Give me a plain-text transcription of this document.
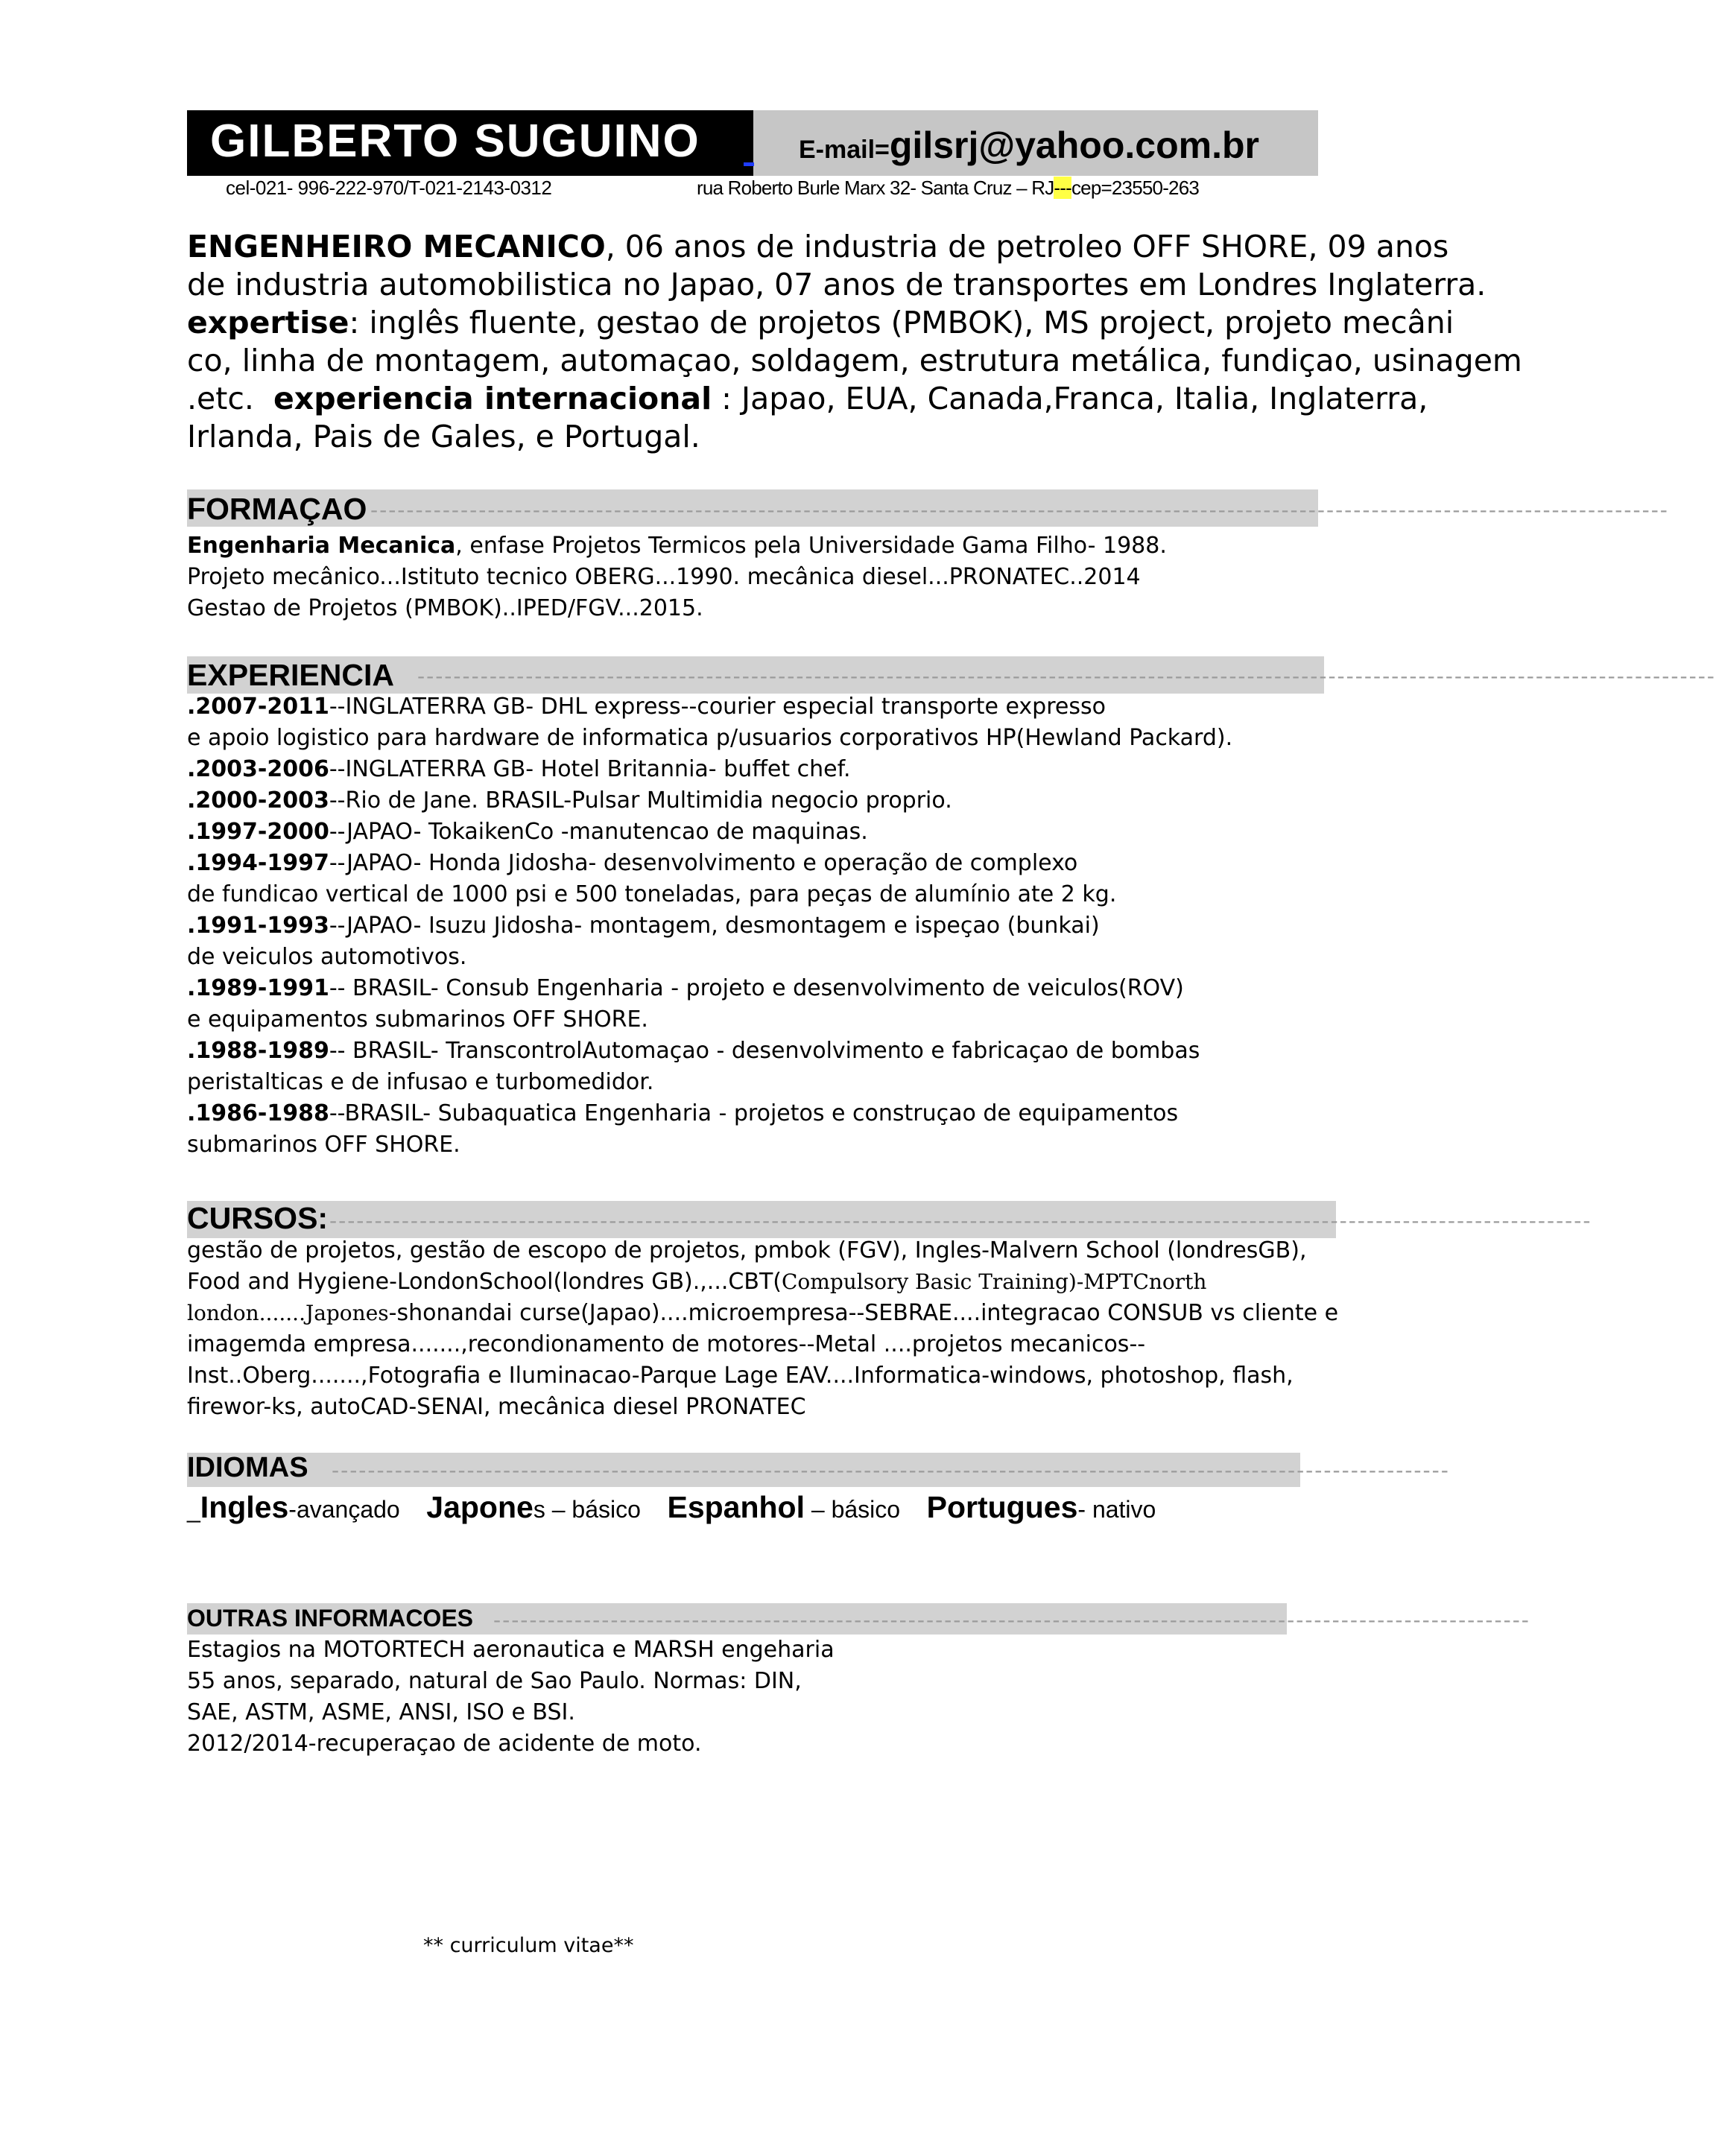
GILBERTO SUGUINO	E-mail=gilsrj@yahoo.com.br
cel-021- 996-222-970/T-021-2143-0312	rua Roberto Burle Marx 32- Santa Cruz – RJ---cep=23550-263
ENGENHEIRO MECANICO, 06 anos de industria de petroleo OFF SHORE, 09 anos
de industria automobilistica no Japao, 07 anos de transportes em Londres Inglaterra.
expertise: inglês fluente, gestao de projetos (PMBOK), MS project, projeto mecâni
co, linha de montagem, automaçao, soldagem, estrutura metálica, fundiçao, usinagem
.etc. experiencia internacional : Japao, EUA, Canada,Franca, Italia, Inglaterra,
Irlanda, Pais de Gales, e Portugal.
FORMAÇAO ------------------------------------------------------------------------------------------------------------------------------------------------
Engenharia Mecanica, enfase Projetos Termicos pela Universidade Gama Filho- 1988.
Projeto mecânico...Istituto tecnico OBERG...1990. mecânica diesel...PRONATEC..2014
Gestao de Projetos (PMBOK)..IPED/FGV...2015.
EXPERIENCIA ------------------------------------------------------------------------------------------------------------------------------------------------
.2007-2011--INGLATERRA GB- DHL express--courier especial transporte expresso
e apoio logistico para hardware de informatica p/usuarios corporativos HP(Hewland Packard).
.2003-2006--INGLATERRA GB- Hotel Britannia- buffet chef.
.2000-2003--Rio de Jane. BRASIL-Pulsar Multimidia negocio proprio.
.1997-2000--JAPAO- TokaikenCo -manutencao de maquinas.
.1994-1997--JAPAO- Honda Jidosha- desenvolvimento e operação de complexo
de fundicao vertical de 1000 psi e 500 toneladas, para peças de alumínio ate 2 kg.
.1991-1993--JAPAO- Isuzu Jidosha- montagem, desmontagem e ispeçao (bunkai)
de veiculos automotivos.
.1989-1991-- BRASIL- Consub Engenharia - projeto e desenvolvimento de veiculos(ROV)
e equipamentos submarinos OFF SHORE.
.1988-1989-- BRASIL- TranscontrolAutomaçao - desenvolvimento e fabricaçao de bombas
peristalticas e de infusao e turbomedidor.
.1986-1988--BRASIL- Subaquatica Engenharia - projetos e construçao de equipamentos
submarinos OFF SHORE.
CURSOS: --------------------------------------------------------------------------------------------------------------------------------------------
gestão de projetos, gestão de escopo de projetos, pmbok (FGV), Ingles-Malvern School (londresGB),
Food and Hygiene-LondonSchool(londres GB).,...CBT(Compulsory Basic Training)-MPTCnorth
london.......Japones-shonandai curse(Japao)....microempresa--SEBRAE....integracao CONSUB vs cliente e
imagemda empresa.......,recondionamento de motores--Metal ....projetos mecanicos--
Inst..Oberg.......,Fotografia e Iluminacao-Parque Lage EAV....Informatica-windows, photoshop, flash,
firewor-ks, autoCAD-SENAI, mecânica diesel PRONATEC
IDIOMAS ----------------------------------------------------------------------------------------------------------------------------
_Ingles-avançado Japones – básico Espanhol – básico Portugues- nativo
OUTRAS INFORMACOES -------------------------------------------------------------------------------------------------------------------
Estagios na MOTORTECH aeronautica e MARSH engeharia
55 anos, separado, natural de Sao Paulo. Normas: DIN,
SAE, ASTM, ASME, ANSI, ISO e BSI.
2012/2014-recuperaçao de acidente de moto.
** curriculum vitae**
